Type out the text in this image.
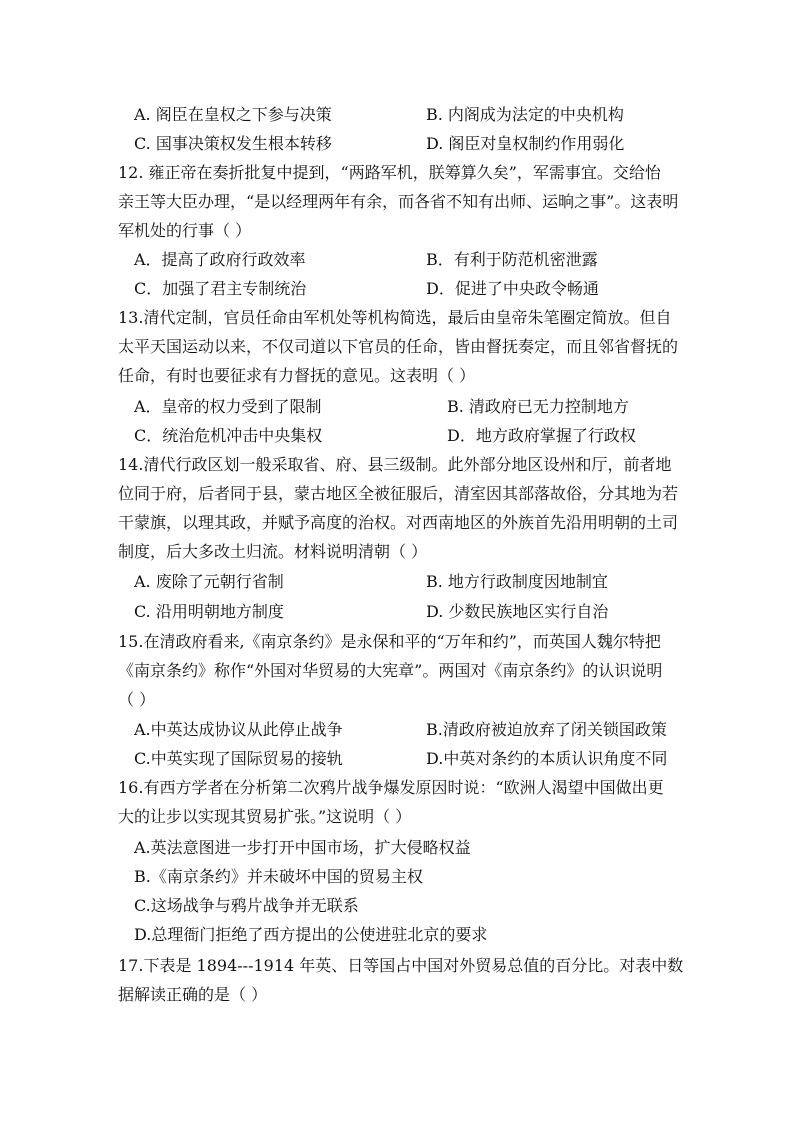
A. 阁臣在皇权之下参与决策	B. 内阁成为法定的中央机构
C. 国事决策权发生根本转移	D. 阁臣对皇权制约作用弱化
12. 雍正帝在奏折批复中提到，“两路军机，朕筹算久矣”，军需事宜。交给怡
亲王等大臣办理，“是以经理两年有余，而各省不知有出师、运晌之事”。这表明
军机处的行事（ ）
A．提高了政府行政效率	B．有利于防范机密泄露
C．加强了君主专制统治	D．促进了中央政令畅通
13.清代定制，官员任命由军机处等机构简选，最后由皇帝朱笔圈定简放。但自
太平天国运动以来，不仅司道以下官员的任命，皆由督抚奏定，而且邻省督抚的
任命，有时也要征求有力督抚的意见。这表明（ ）
A．皇帝的权力受到了限制	B. 清政府已无力控制地方
C．统治危机冲击中央集权	D．地方政府掌握了行政权
14.清代行政区划一般采取省、府、县三级制。此外部分地区设州和厅，前者地
位同于府，后者同于县，蒙古地区全被征服后，清室因其部落故俗，分其地为若
干蒙旗，以理其政，并赋予高度的治权。对西南地区的外族首先沿用明朝的土司
制度，后大多改土归流。材料说明清朝（ ）
A. 废除了元朝行省制	B. 地方行政制度因地制宜
C. 沿用明朝地方制度	D. 少数民族地区实行自治
15.在清政府看来,《南京条约》是永保和平的“万年和约”，而英国人魏尔特把
《南京条约》称作“外国对华贸易的大宪章”。两国对《南京条约》的认识说明
（ ）
A.中英达成协议从此停止战争	B.清政府被迫放弃了闭关锁国政策
C.中英实现了国际贸易的接轨	D.中英对条约的本质认识角度不同
16.有西方学者在分析第二次鸦片战争爆发原因时说：“欧洲人渴望中国做出更
大的让步以实现其贸易扩张。”这说明（ ）
A.英法意图进一步打开中国市场，扩大侵略权益
B.《南京条约》并未破坏中国的贸易主权
C.这场战争与鸦片战争并无联系
D.总理衙门拒绝了西方提出的公使进驻北京的要求
17.下表是 1894---1914 年英、日等国占中国对外贸易总值的百分比。对表中数
据解读正确的是（ ）
